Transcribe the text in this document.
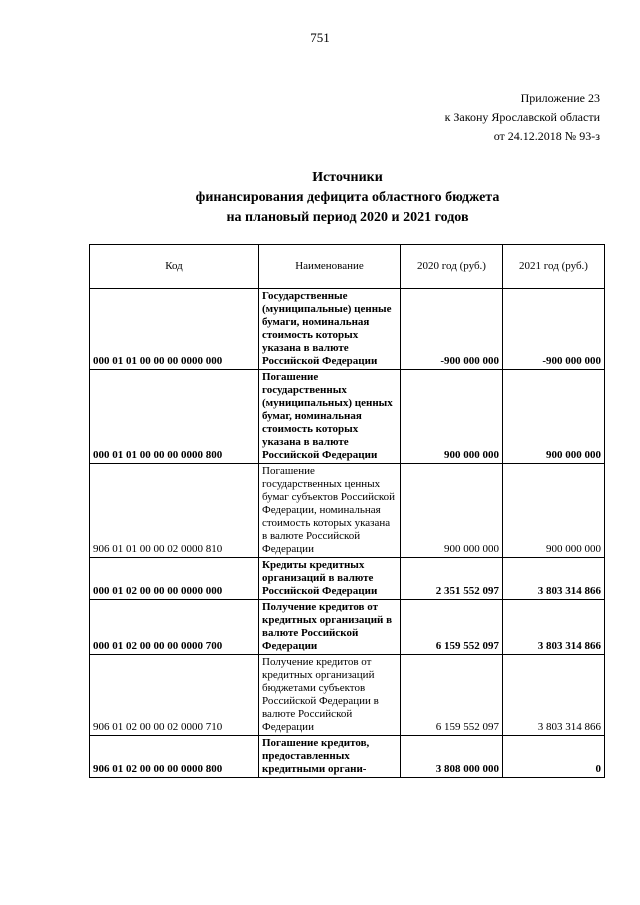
751
Приложение 23
к Закону Ярославской области
от 24.12.2018 № 93-з
Источники
финансирования дефицита областного бюджета
на плановый период 2020 и 2021 годов
Код	Наименование	2020 год (руб.)	2021 год (руб.)
000 01 01 00 00 00 0000 000	Государственные (муниципальные) ценные бумаги, номинальная стоимость которых указана в валюте Российской Федерации	-900 000 000	-900 000 000
000 01 01 00 00 00 0000 800	Погашение государственных (муниципальных) ценных бумаг, номинальная стоимость которых указана в валюте Российской Федерации	900 000 000	900 000 000
906 01 01 00 00 02 0000 810	Погашение государственных ценных бумаг субъектов Российской Федерации, номинальная стоимость которых указана в валюте Российской Федерации	900 000 000	900 000 000
000 01 02 00 00 00 0000 000	Кредиты кредитных организаций в валюте Российской Федерации	2 351 552 097	3 803 314 866
000 01 02 00 00 00 0000 700	Получение кредитов от кредитных организаций в валюте Российской Федерации	6 159 552 097	3 803 314 866
906 01 02 00 00 02 0000 710	Получение кредитов от кредитных организаций бюджетами субъектов Российской Федерации в валюте Российской Федерации	6 159 552 097	3 803 314 866
906 01 02 00 00 00 0000 800	Погашение кредитов, предоставленных кредитными органи-	3 808 000 000	0
